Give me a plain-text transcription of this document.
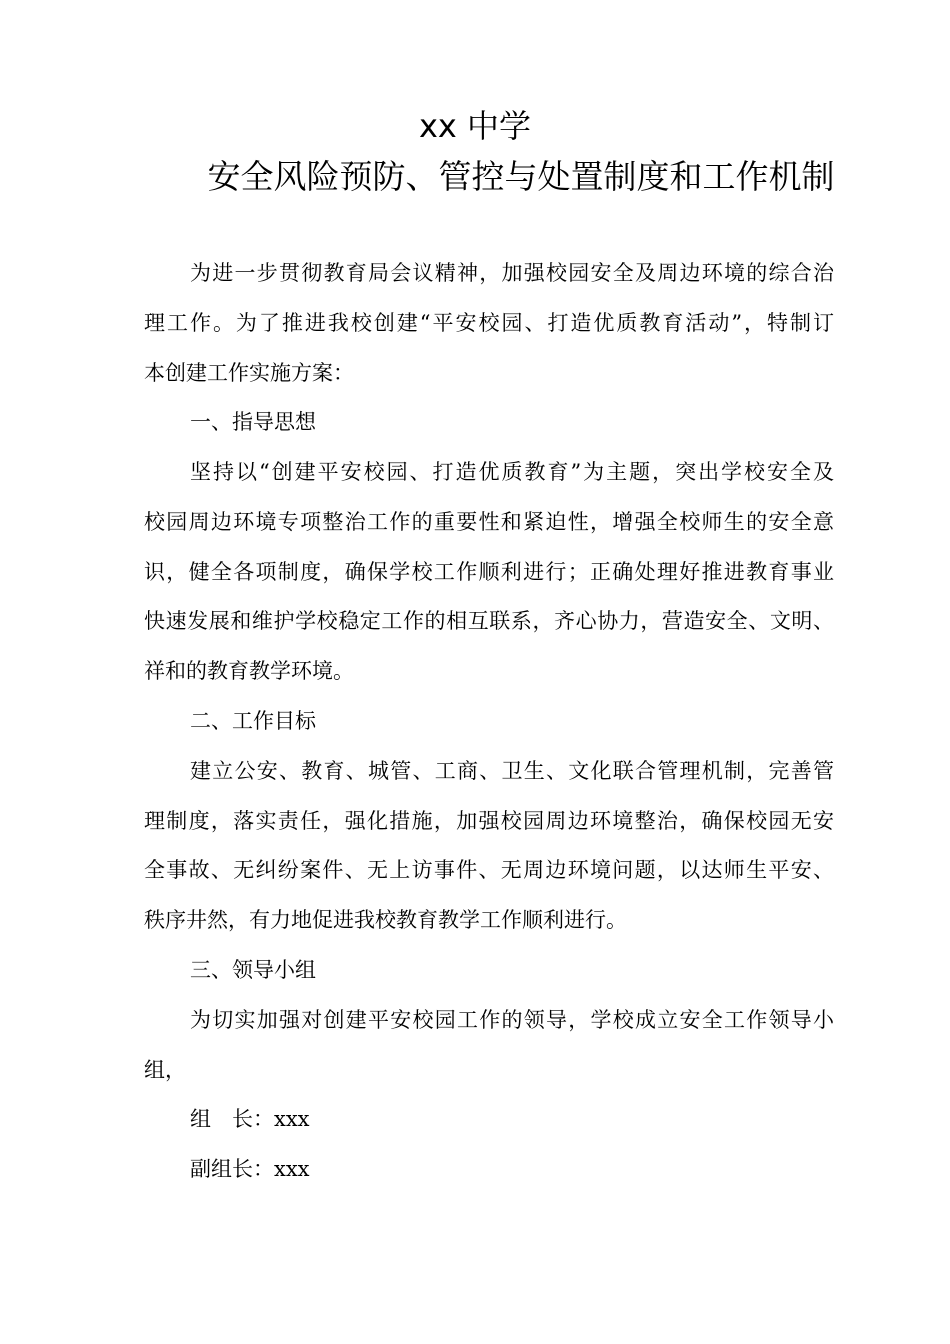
xx 中学
安全风险预防、管控与处置制度和工作机制

为进一步贯彻教育局会议精神，加强校园安全及周边环境的综合治

理工作。为了推进我校创建“平安校园、打造优质教育活动”，特制订

本创建工作实施方案：

一、指导思想

坚持以“创建平安校园、打造优质教育”为主题，突出学校安全及

校园周边环境专项整治工作的重要性和紧迫性，增强全校师生的安全意

识，健全各项制度，确保学校工作顺利进行；正确处理好推进教育事业

快速发展和维护学校稳定工作的相互联系，齐心协力，营造安全、文明、

祥和的教育教学环境。

二、工作目标

建立公安、教育、城管、工商、卫生、文化联合管理机制，完善管

理制度，落实责任，强化措施，加强校园周边环境整治，确保校园无安

全事故、无纠纷案件、无上访事件、无周边环境问题，以达师生平安、

秩序井然，有力地促进我校教育教学工作顺利进行。

三、领导小组

为切实加强对创建平安校园工作的领导，学校成立安全工作领导小

组，

组　长：xxx

副组长：xxx
